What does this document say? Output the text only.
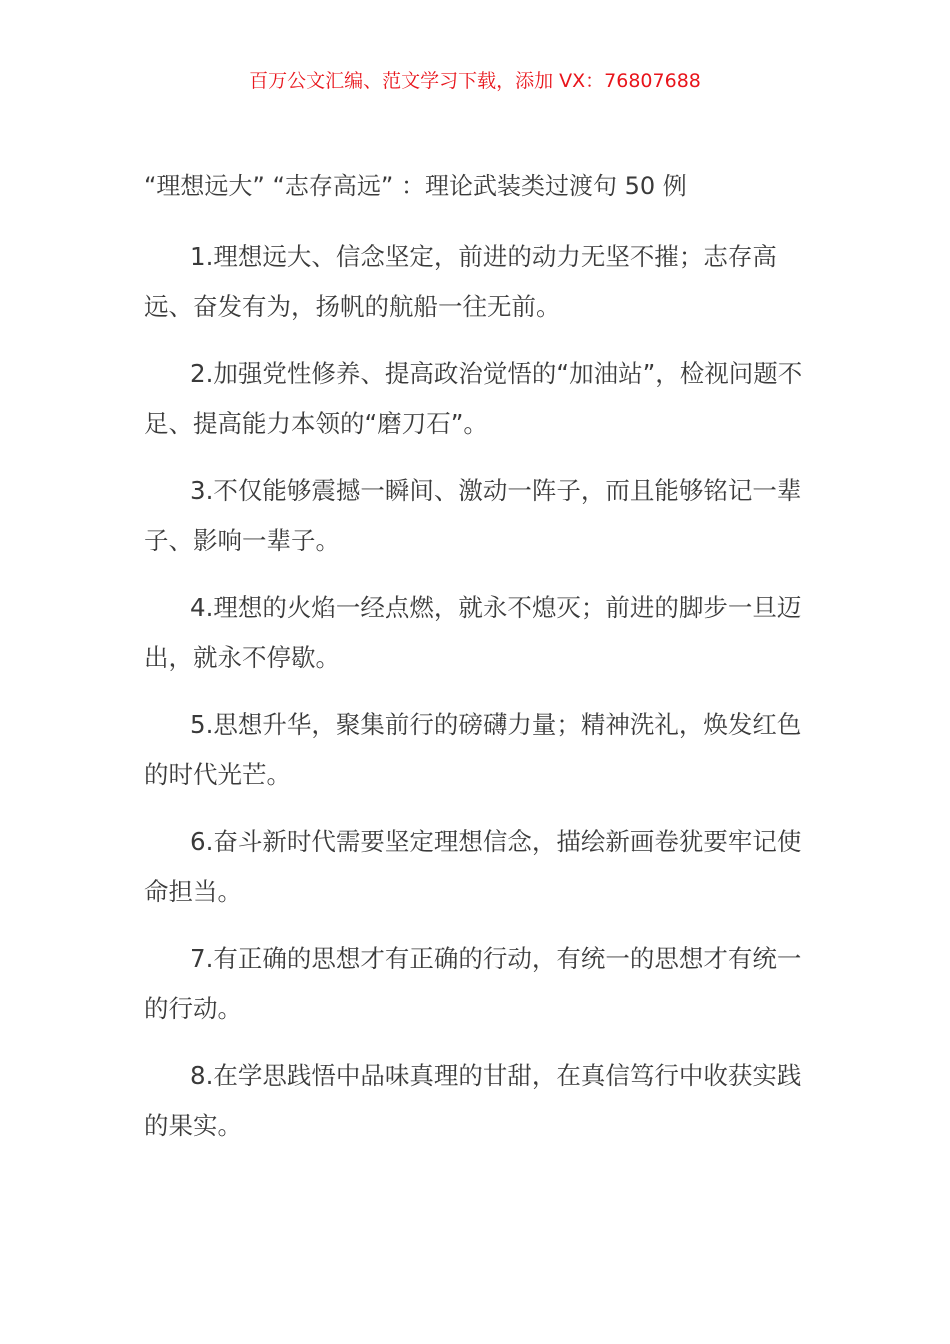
百万公文汇编、范文学习下载，添加 VX：76807688
“理想远大” “志存高远” ：理论武装类过渡句 50 例

1.理想远大、信念坚定，前进的动力无坚不摧；志存高远、奋发有为，扬帆的航船一往无前。

2.加强党性修养、提高政治觉悟的“加油站”，检视问题不足、提高能力本领的“磨刀石”。

3.不仅能够震撼一瞬间、激动一阵子，而且能够铭记一辈子、影响一辈子。

4.理想的火焰一经点燃，就永不熄灭；前进的脚步一旦迈出，就永不停歇。

5.思想升华，聚集前行的磅礴力量；精神洗礼，焕发红色的时代光芒。

6.奋斗新时代需要坚定理想信念，描绘新画卷犹要牢记使命担当。

7.有正确的思想才有正确的行动，有统一的思想才有统一的行动。

8.在学思践悟中品味真理的甘甜，在真信笃行中收获实践的果实。
